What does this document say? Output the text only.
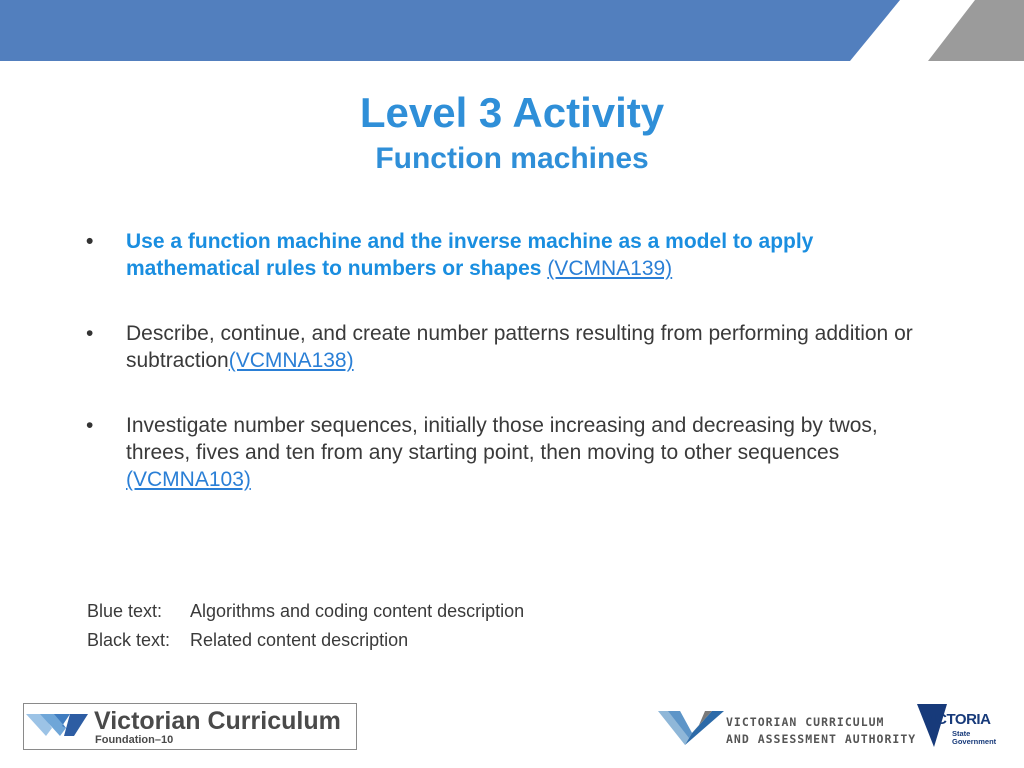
Level 3 Activity
Function machines
• Use a function machine and the inverse machine as a model to apply mathematical rules to numbers or shapes (VCMNA139)
• Describe, continue, and create number patterns resulting from performing addition or subtraction(VCMNA138)
• Investigate number sequences, initially those increasing and decreasing by twos, threes, fives and ten from any starting point, then moving to other sequences (VCMNA103)
Blue text:	Algorithms and coding content description
Black text:	Related content description
Victorian Curriculum
Foundation–10
VICTORIAN CURRICULUM
AND ASSESSMENT AUTHORITY
VICTORIA
State
Government
